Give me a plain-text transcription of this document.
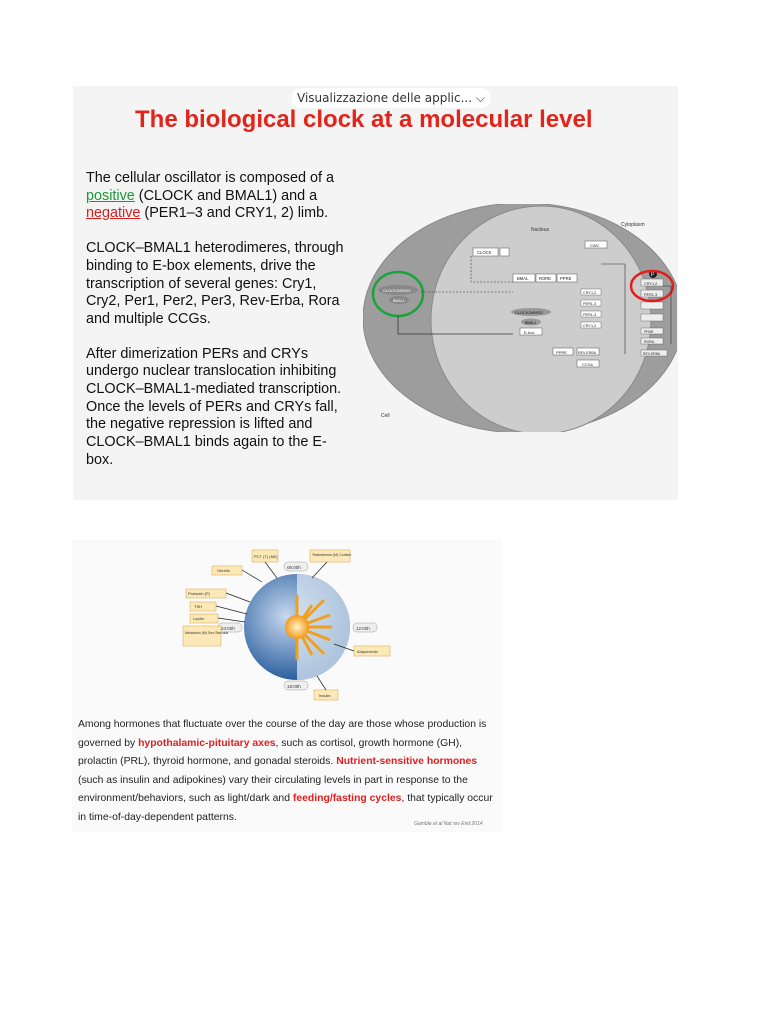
Visualizzazione delle applic... ⌵
The biological clock at a molecular level

The cellular oscillator is composed of a positive (CLOCK and BMAL1) and a negative (PER1–3 and CRY1, 2) limb.

CLOCK–BMAL1 heterodimeres, through binding to E-box elements, drive the transcription of several genes: Cry1, Cry2, Per1, Per2, Per3, Rev-Erba, Rora and multiple CCGs.

After dimerization PERs and CRYs undergo nuclear translocation inhibiting CLOCK–BMAL1-mediated transcription. Once the levels of PERs and CRYs fall, the negative repression is lifted and CLOCK–BMAL1 binds again to the E-box.

Cytoplasm
Nucleus
Cell
CLOCK
BMAL	RORE PPRE
CWC
CRY1,2
PER1,3
PER1-3
CRY1,2
CRY1,2
PER1,3
PPAR
RORA
REV-ERBA
P
CLOCK/NPAS2
BMAL1
CLOCK/NPAS2
BMAL1
E-box
PPRE	REV-ERBA
CCGs
06:00h
18:00h
12:00h
24:00h
PCT (T) (NE)	Testosterone (M) Cortisol
Ghrelin
Prolactin (P)
TSH
Leptin
Melatonin (M) Sex Steroids
Adiponectin
Insulin
Among hormones that fluctuate over the course of the day are those whose production is governed by hypothalamic-pituitary axes, such as cortisol, growth hormone (GH), prolactin (PRL), thyroid hormone, and gonadal steroids. Nutrient-sensitive hormones (such as insulin and adipokines) vary their circulating levels in part in response to the environment/behaviors, such as light/dark and feeding/fasting cycles, that typically occur in time-of-day-dependent patterns.
Gamble et al Nat rev End 2014
